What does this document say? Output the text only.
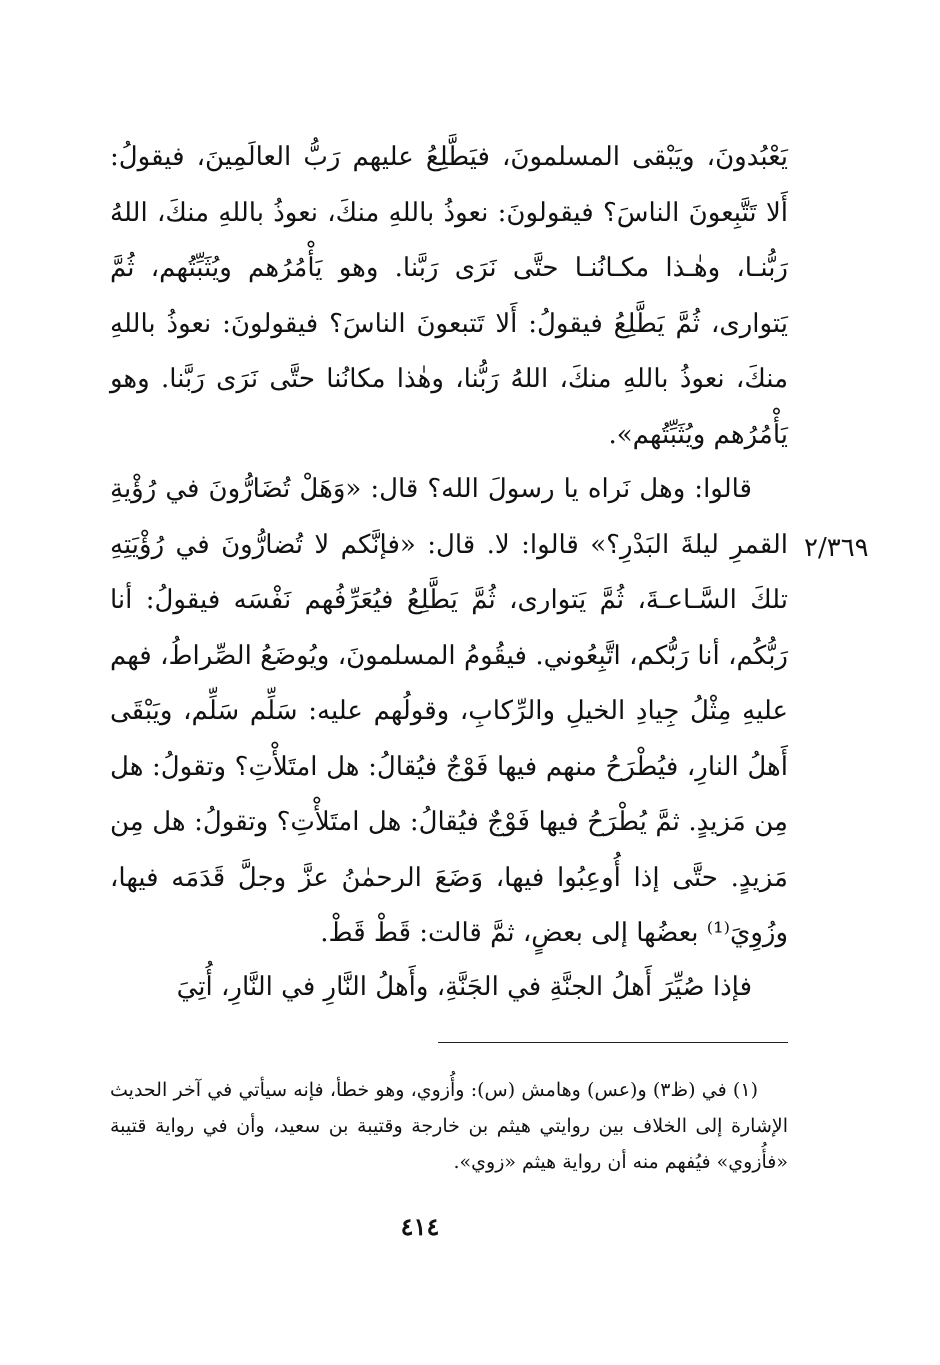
يَعْبُدونَ، ويَبْقى المسلمونَ، فيَطَّلِعُ عليهم رَبُّ العالَمِينَ، فيقولُ: أَلا تَتَّبِعونَ الناسَ؟ فيقولونَ: نعوذُ باللهِ منكَ، نعوذُ باللهِ منكَ، اللهُ رَبُّنـا، وهٰـذا مكـانُنـا حتَّى نَرَى رَبَّنا. وهو يَأْمُرُهم ويُثَبِّتُهم، ثُمَّ يَتوارى، ثُمَّ يَطَّلِعُ فيقولُ: أَلا تَتبعونَ الناسَ؟ فيقولونَ: نعوذُ باللهِ منكَ، نعوذُ باللهِ منكَ، اللهُ رَبُّنا، وهٰذا مكانُنا حتَّى نَرَى رَبَّنا. وهو يَأْمُرُهم ويُثَبِّتُهم».

قالوا: وهل نَراه يا رسولَ الله؟ قال: «وَهَلْ تُضَارُّونَ في رُؤْيةِ القمرِ ليلةَ البَدْرِ؟» قالوا: لا. قال: «فإنَّكم لا تُضارُّونَ في رُؤْيَتِهِ تلكَ السَّـاعـةَ، ثُمَّ يَتوارى، ثُمَّ يَطَّلِعُ فيُعَرِّفُهم نَفْسَه فيقولُ: أنا رَبُّكُم، أنا رَبُّكم، اتَّبِعُوني. فيقُومُ المسلمونَ، ويُوضَعُ الصِّراطُ، فهم عليهِ مِثْلُ جِيادِ الخيلِ والرِّكابِ، وقولُهم عليه: سَلِّم سَلِّم، ويَبْقَى أَهلُ النارِ، فيُطْرَحُ منهم فيها فَوْجٌ فيُقالُ: هل امتَلأْتِ؟ وتقولُ: هل مِن مَزيدٍ. ثمَّ يُطْرَحُ فيها فَوْجٌ فيُقالُ: هل امتَلأْتِ؟ وتقولُ: هل مِن مَزيدٍ. حتَّى إذا أُوعِبُوا فيها، وَضَعَ الرحمٰنُ عزَّ وجلَّ قَدَمَه فيها، وزُوِيَ⁽¹⁾ بعضُها إلى بعضٍ، ثمَّ قالت: قَطْ قَطْ.

فإذا صُيِّرَ أَهلُ الجنَّةِ في الجَنَّةِ، وأَهلُ النَّارِ في النَّارِ، أُتِيَ

٢/٣٦٩

(١) في (ظ٣) و(عس) وهامش (س): وأُزوي، وهو خطأ، فإنه سيأتي في آخر الحديث الإشارة إلى الخلاف بين روايتي هيثم بن خارجة وقتيبة بن سعيد، وأن في رواية قتيبة «فأُزوي» فيُفهم منه أن رواية هيثم «زوي».

٤١٤
